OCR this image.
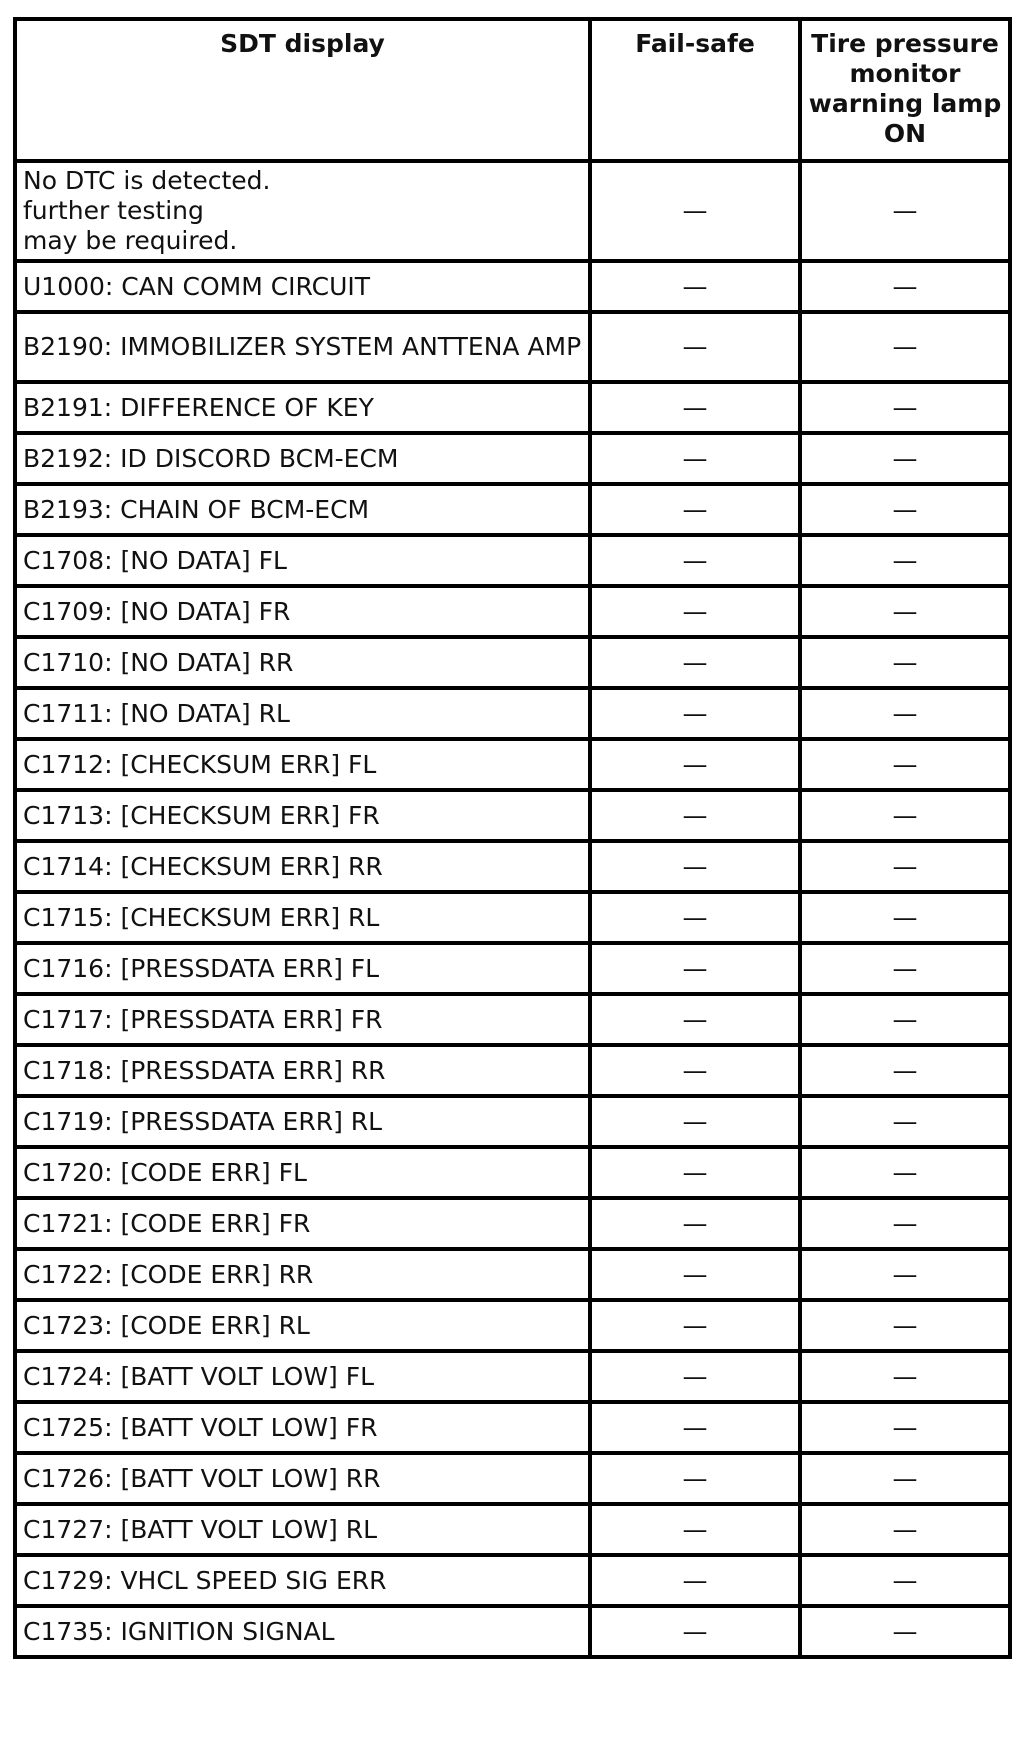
SDT display	Fail-safe	Tire pressure monitor warning lamp ON
No DTC is detected.
further testing
may be required.	—	—
U1000: CAN COMM CIRCUIT	—	—
B2190: IMMOBILIZER SYSTEM ANTTENA AMP	—	—
B2191: DIFFERENCE OF KEY	—	—
B2192: ID DISCORD BCM-ECM	—	—
B2193: CHAIN OF BCM-ECM	—	—
C1708: [NO DATA] FL	—	—
C1709: [NO DATA] FR	—	—
C1710: [NO DATA] RR	—	—
C1711: [NO DATA] RL	—	—
C1712: [CHECKSUM ERR] FL	—	—
C1713: [CHECKSUM ERR] FR	—	—
C1714: [CHECKSUM ERR] RR	—	—
C1715: [CHECKSUM ERR] RL	—	—
C1716: [PRESSDATA ERR] FL	—	—
C1717: [PRESSDATA ERR] FR	—	—
C1718: [PRESSDATA ERR] RR	—	—
C1719: [PRESSDATA ERR] RL	—	—
C1720: [CODE ERR] FL	—	—
C1721: [CODE ERR] FR	—	—
C1722: [CODE ERR] RR	—	—
C1723: [CODE ERR] RL	—	—
C1724: [BATT VOLT LOW] FL	—	—
C1725: [BATT VOLT LOW] FR	—	—
C1726: [BATT VOLT LOW] RR	—	—
C1727: [BATT VOLT LOW] RL	—	—
C1729: VHCL SPEED SIG ERR	—	—
C1735: IGNITION SIGNAL	—	—
